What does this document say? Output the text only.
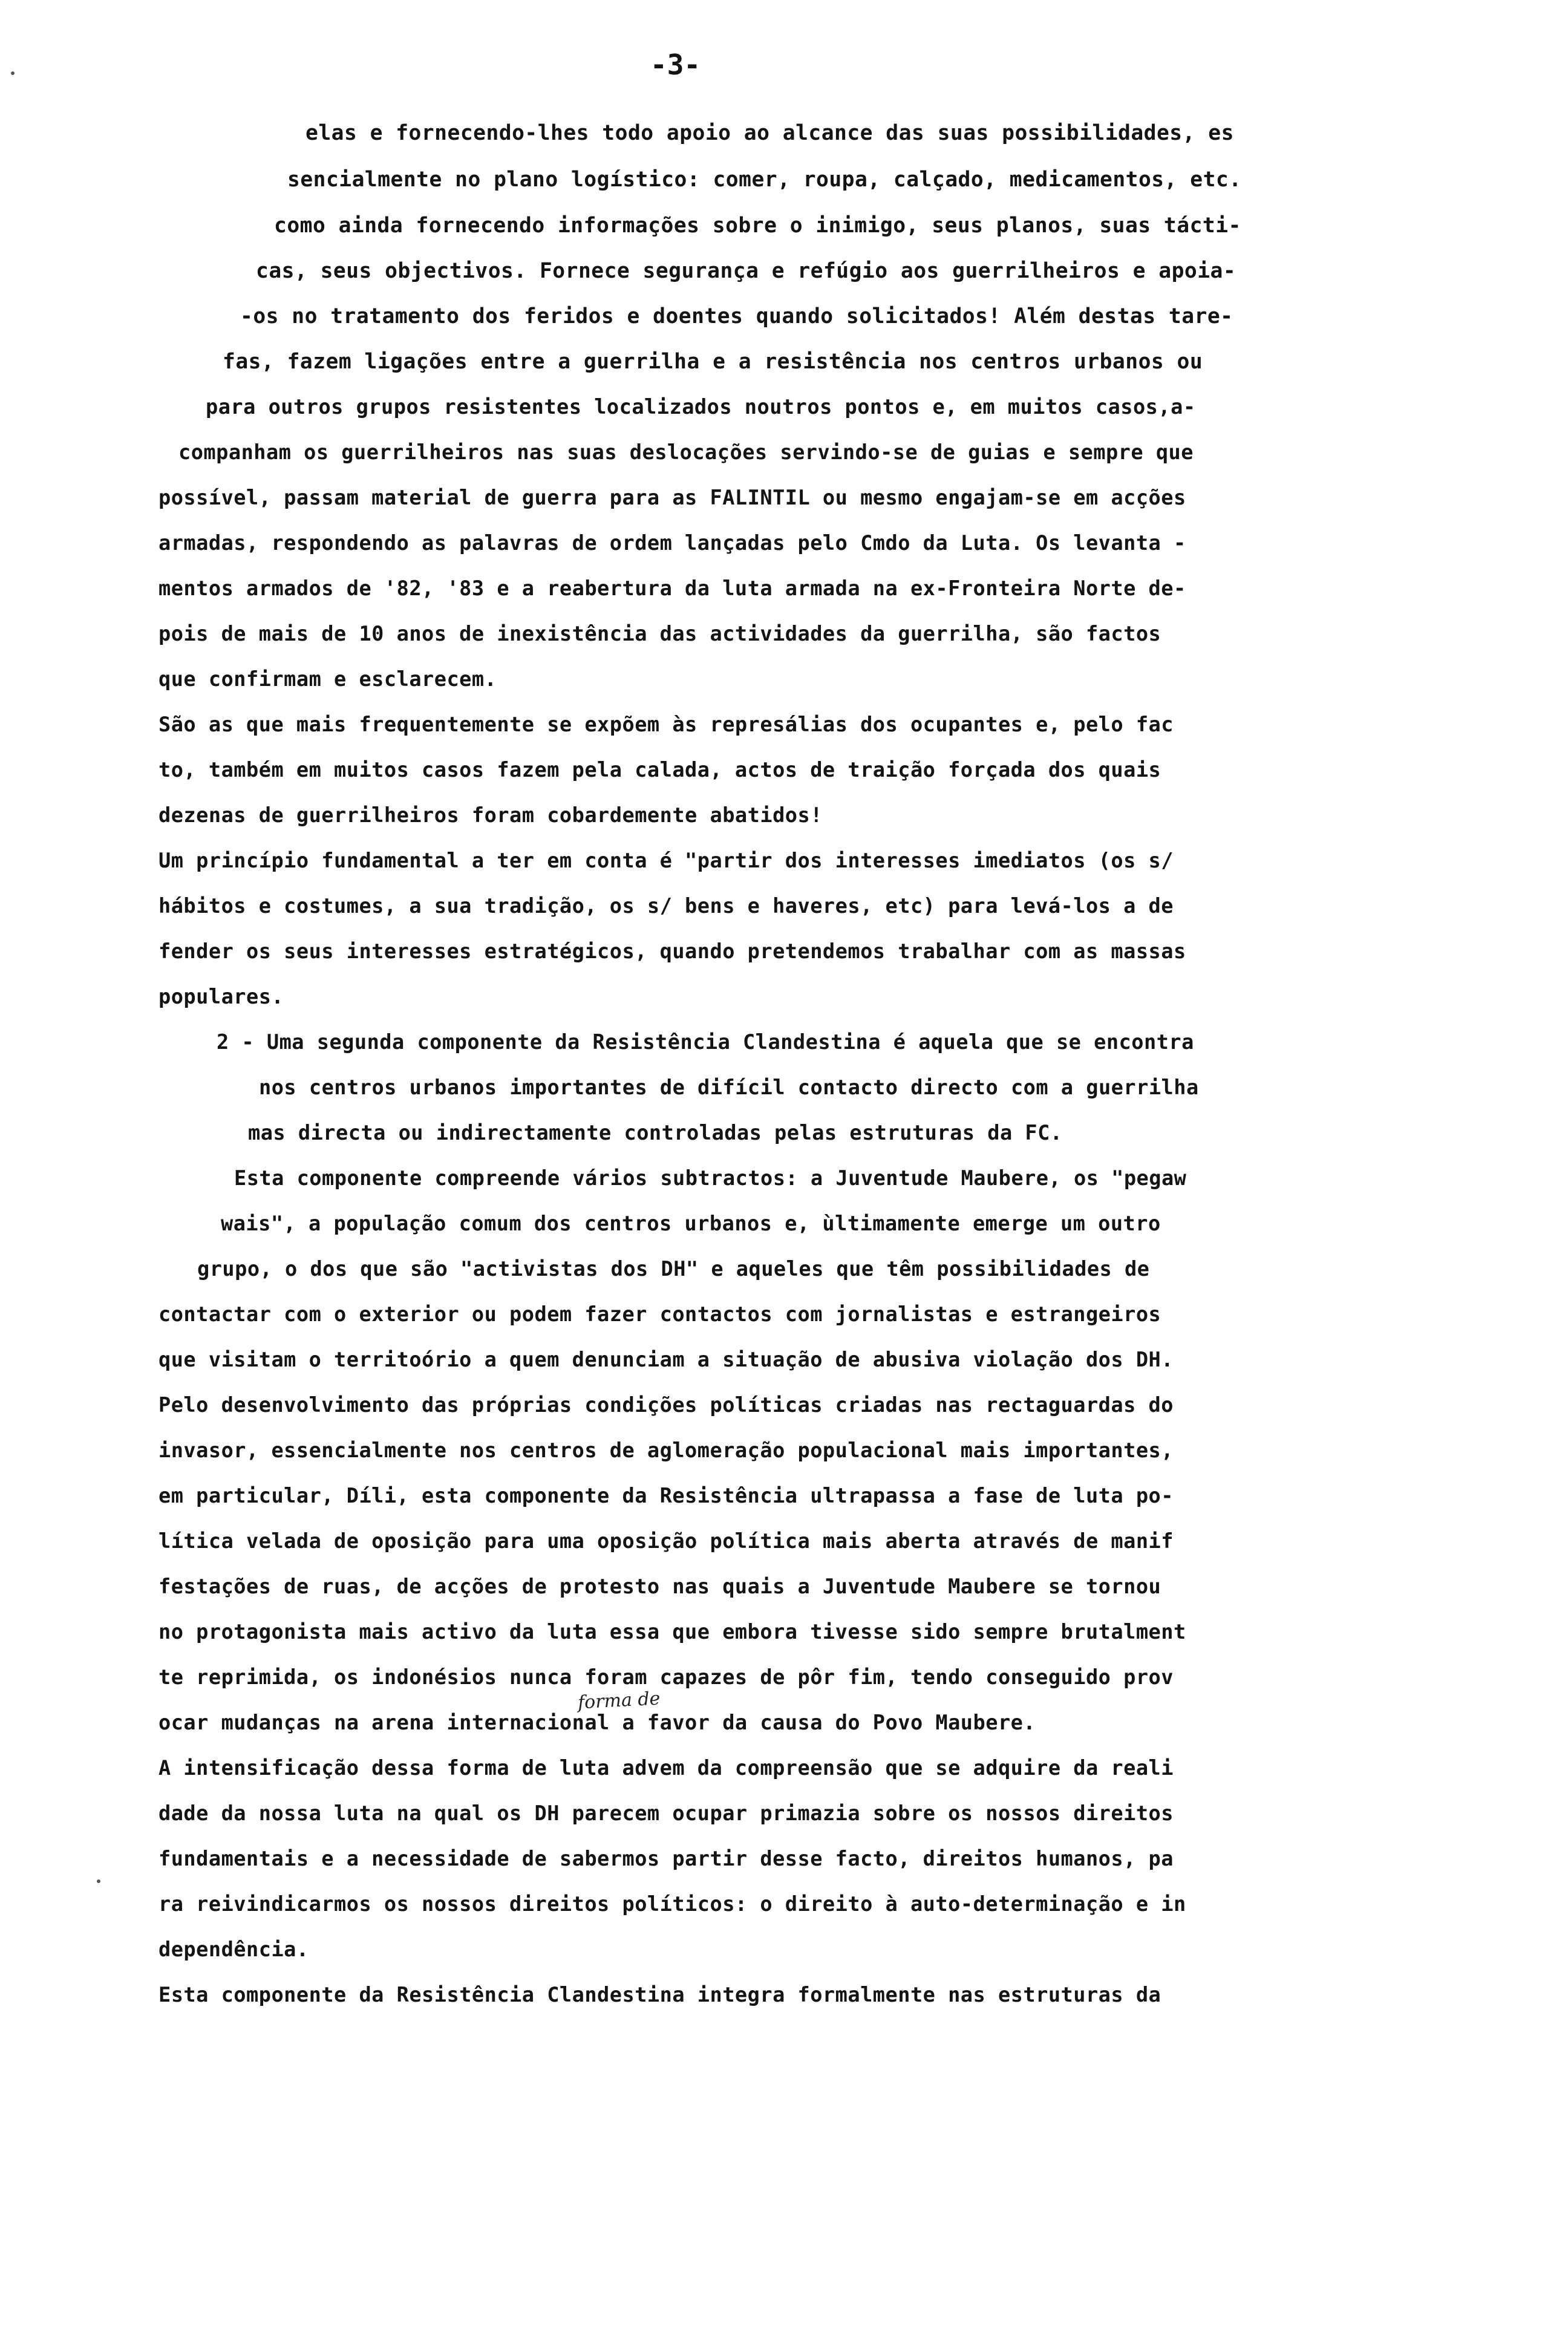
-3-
elas e fornecendo-lhes todo apoio ao alcance das suas possibilidades, es
sencialmente no plano logístico: comer, roupa, calçado, medicamentos, etc.
como ainda fornecendo informações sobre o inimigo, seus planos, suas tácti-
cas, seus objectivos. Fornece segurança e refúgio aos guerrilheiros e apoia-
-os no tratamento dos feridos e doentes quando solicitados! Além destas tare-
fas, fazem ligações entre a guerrilha e a resistência nos centros urbanos ou
para outros grupos resistentes localizados noutros pontos e, em muitos casos,a-
companham os guerrilheiros nas suas deslocações servindo-se de guias e sempre que
possível, passam material de guerra para as FALINTIL ou mesmo engajam-se em acções
armadas, respondendo as palavras de ordem lançadas pelo Cmdo da Luta. Os levanta -
mentos armados de '82, '83 e a reabertura da luta armada na ex-Fronteira Norte de-
pois de mais de 10 anos de inexistência das actividades da guerrilha, são factos
que confirmam e esclarecem.
São as que mais frequentemente se expõem às represálias dos ocupantes e, pelo fac
to, também em muitos casos fazem pela calada, actos de traição forçada dos quais
dezenas de guerrilheiros foram cobardemente abatidos!
Um princípio fundamental a ter em conta é "partir dos interesses imediatos (os s/
hábitos e costumes, a sua tradição, os s/ bens e haveres, etc) para levá-los a de
fender os seus interesses estratégicos, quando pretendemos trabalhar com as massas
populares.
2 - Uma segunda componente da Resistência Clandestina é aquela que se encontra
nos centros urbanos importantes de difícil contacto directo com a guerrilha
mas directa ou indirectamente controladas pelas estruturas da FC.
Esta componente compreende vários subtractos: a Juventude Maubere, os "pegaw
wais", a população comum dos centros urbanos e, ùltimamente emerge um outro
grupo, o dos que são "activistas dos DH" e aqueles que têm possibilidades de
contactar com o exterior ou podem fazer contactos com jornalistas e estrangeiros
que visitam o territoório a quem denunciam a situação de abusiva violação dos DH.
Pelo desenvolvimento das próprias condições políticas criadas nas rectaguardas do
invasor, essencialmente nos centros de aglomeração populacional mais importantes,
em particular, Díli, esta componente da Resistência ultrapassa a fase de luta po-
lítica velada de oposição para uma oposição política mais aberta através de manif
festações de ruas, de acções de protesto nas quais a Juventude Maubere se tornou
no protagonista mais activo da luta essa que embora tivesse sido sempre brutalment
te reprimida, os indonésios nunca foram capazes de pôr fim, tendo conseguido prov
ocar mudanças na arena internacional a favor da causa do Povo Maubere.
A intensificação dessa forma de luta advem da compreensão que se adquire da reali
dade da nossa luta na qual os DH parecem ocupar primazia sobre os nossos direitos
fundamentais e a necessidade de sabermos partir desse facto, direitos humanos, pa
ra reivindicarmos os nossos direitos políticos: o direito à auto-determinação e in
dependência.
Esta componente da Resistência Clandestina integra formalmente nas estruturas da
forma de
